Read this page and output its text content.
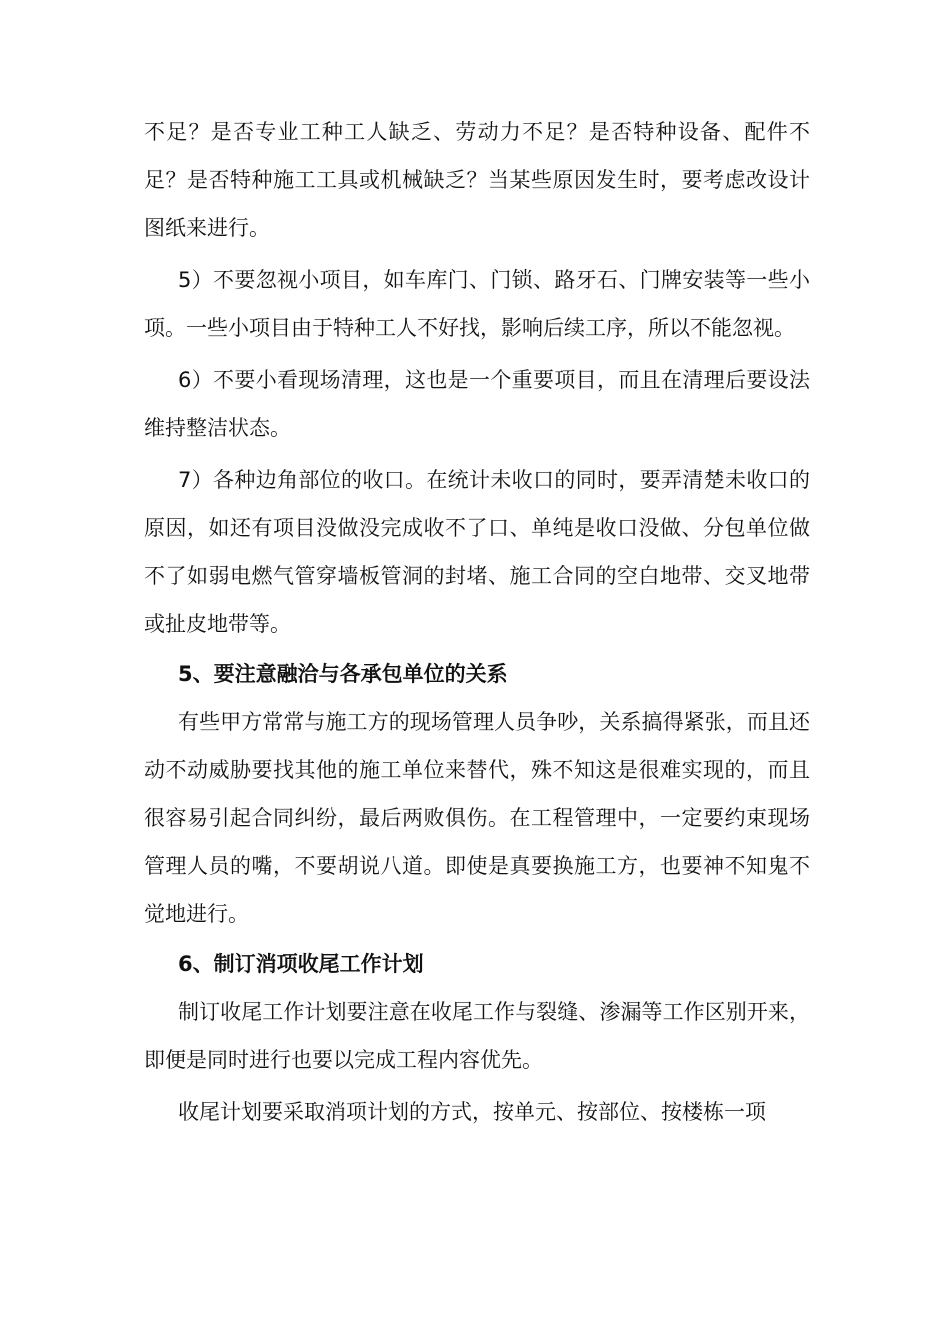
不足？是否专业工种工人缺乏、劳动力不足？是否特种设备、配件不足？是否特种施工工具或机械缺乏？当某些原因发生时，要考虑改设计图纸来进行。

5）不要忽视小项目，如车库门、门锁、路牙石、门牌安装等一些小项。一些小项目由于特种工人不好找，影响后续工序，所以不能忽视。

6）不要小看现场清理，这也是一个重要项目，而且在清理后要设法维持整洁状态。

7）各种边角部位的收口。在统计未收口的同时，要弄清楚未收口的原因，如还有项目没做没完成收不了口、单纯是收口没做、分包单位做不了如弱电燃气管穿墙板管洞的封堵、施工合同的空白地带、交叉地带或扯皮地带等。

5、要注意融洽与各承包单位的关系

有些甲方常常与施工方的现场管理人员争吵，关系搞得紧张，而且还动不动威胁要找其他的施工单位来替代，殊不知这是很难实现的，而且很容易引起合同纠纷，最后两败俱伤。在工程管理中，一定要约束现场管理人员的嘴，不要胡说八道。即使是真要换施工方，也要神不知鬼不觉地进行。

6、制订消项收尾工作计划

制订收尾工作计划要注意在收尾工作与裂缝、渗漏等工作区别开来，即便是同时进行也要以完成工程内容优先。

收尾计划要采取消项计划的方式，按单元、按部位、按楼栋一项
